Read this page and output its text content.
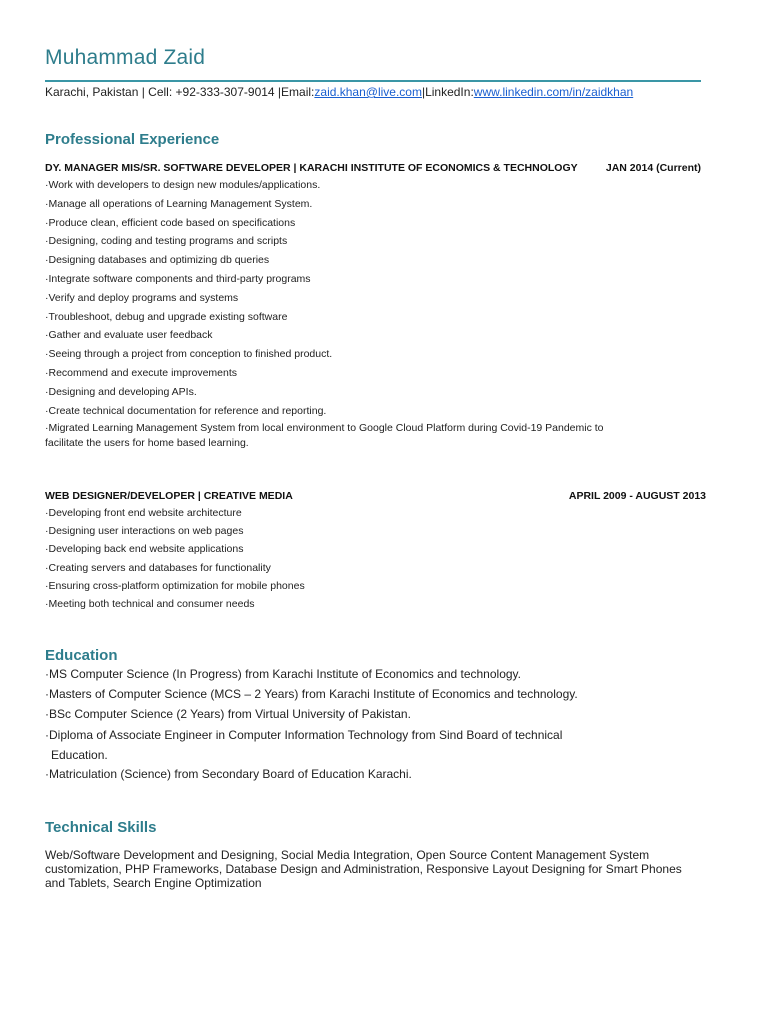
Muhammad Zaid
Karachi, Pakistan | Cell: +92-333-307-9014 |Email:zaid.khan@live.com|LinkedIn:www.linkedin.com/in/zaidkhan
Professional Experience
DY. MANAGER MIS/SR. SOFTWARE DEVELOPER | KARACHI INSTITUTE OF ECONOMICS & TECHNOLOGY	JAN 2014 (Current)
·Work with developers to design new modules/applications.
·Manage all operations of Learning Management System.
·Produce clean, efficient code based on specifications
·Designing, coding and testing programs and scripts
·Designing databases and optimizing db queries
·Integrate software components and third-party programs
·Verify and deploy programs and systems
·Troubleshoot, debug and upgrade existing software
·Gather and evaluate user feedback
·Seeing through a project from conception to finished product.
·Recommend and execute improvements
·Designing and developing APIs.
·Create technical documentation for reference and reporting.
·Migrated Learning Management System from local environment to Google Cloud Platform during Covid-19 Pandemic to facilitate the users for home based learning.
WEB DESIGNER/DEVELOPER | CREATIVE MEDIA	APRIL 2009 - AUGUST 2013
·Developing front end website architecture
·Designing user interactions on web pages
·Developing back end website applications
·Creating servers and databases for functionality
·Ensuring cross-platform optimization for mobile phones
·Meeting both technical and consumer needs
Education
·MS Computer Science (In Progress) from Karachi Institute of Economics and technology.
·Masters of Computer Science (MCS – 2 Years) from Karachi Institute of Economics and technology.
·BSc Computer Science (2 Years) from Virtual University of Pakistan.
·Diploma of Associate Engineer in Computer Information Technology from Sind Board of technical
Education.
·Matriculation (Science) from Secondary Board of Education Karachi.
Technical Skills
Web/Software Development and Designing, Social Media Integration, Open Source Content Management System customization, PHP Frameworks, Database Design and Administration, Responsive Layout Designing for Smart Phones and Tablets, Search Engine Optimization
